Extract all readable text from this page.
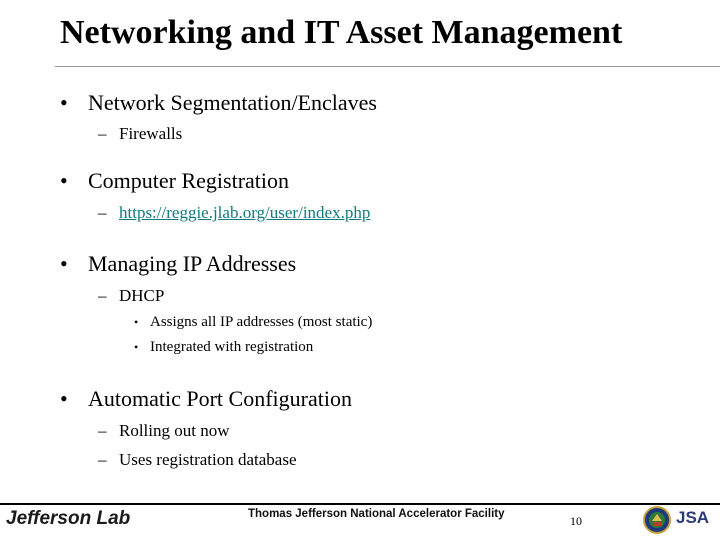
Networking and IT Asset Management
• Network Segmentation/Enclaves
– Firewalls
• Computer Registration
– https://reggie.jlab.org/user/index.php
• Managing IP Addresses
– DHCP
• Assigns all IP addresses (most static)
• Integrated with registration
• Automatic Port Configuration
– Rolling out now
– Uses registration database
Jefferson Lab	Thomas Jefferson National Accelerator Facility	10	JSA
